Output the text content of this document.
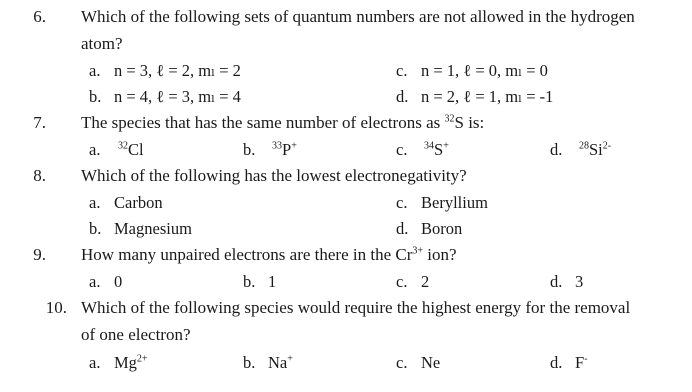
6. Which of the following sets of quantum numbers are not allowed in the hydrogen
atom?
a. n = 3, ℓ = 2, mₗ = 2	c. n = 1, ℓ = 0, mₗ = 0
b. n = 4, ℓ = 3, mₗ = 4	d. n = 2, ℓ = 1, mₗ = -1
7. The species that has the same number of electrons as $^{32}$S is:
a. $^{32}$Cl	b. $^{33}$P+	c. $^{34}$S+	d. $^{28}Si^{2-}$
8. Which of the following has the lowest electronegativity?
a. Carbon	c. Beryllium
b. Magnesium	d. Boron
9. How many unpaired electrons are there in the $Cr^{3+}$ ion?
a. 0	b. 1	c. 2	d. 3
10. Which of the following species would require the highest energy for the removal
of one electron?
a. $Mg^{2+}$	b. Na+	c. Ne	d. F-
